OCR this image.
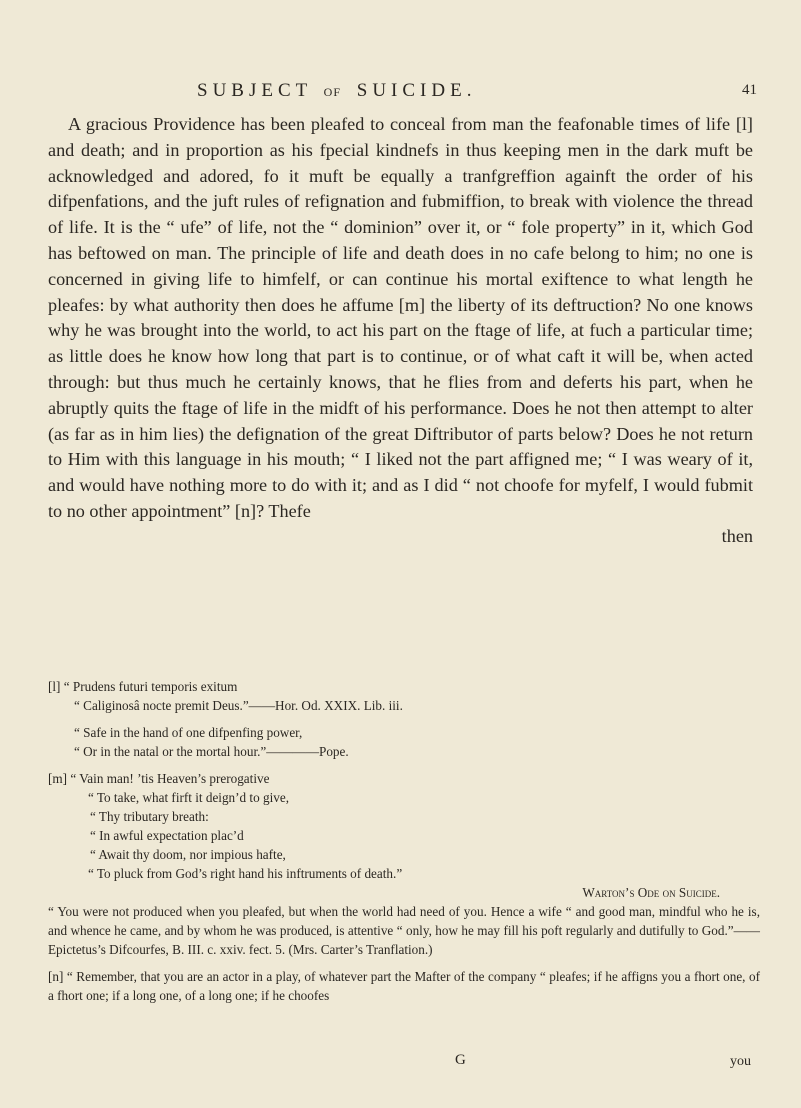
SUBJECT OF SUICIDE.	41

A gracious Providence has been pleafed to conceal from man the feafonable times of life [l] and death; and in proportion as his fpecial kindnefs in thus keeping men in the dark muft be acknowledged and adored, fo it muft be equally a tranfgreffion againft the order of his difpenfations, and the juft rules of refignation and fubmiffion, to break with violence the thread of life. It is the “ ufe” of life, not the “ dominion” over it, or “ fole property” in it, which God has beftowed on man. The principle of life and death does in no cafe belong to him; no one is concerned in giving life to himfelf, or can continue his mortal exiftence to what length he pleafes: by what authority then does he affume [m] the liberty of its deftruction? No one knows why he was brought into the world, to act his part on the ftage of life, at fuch a particular time; as little does he know how long that part is to continue, or of what caft it will be, when acted through: but thus much he certainly knows, that he flies from and deferts his part, when he abruptly quits the ftage of life in the midft of his performance. Does he not then attempt to alter (as far as in him lies) the defignation of the great Diftributor of parts below? Does he not return to Him with this language in his mouth; “ I liked not the part affigned me; “ I was weary of it, and would have nothing more to do with it; and as I did “ not choofe for myfelf, I would fubmit to no other appointment” [n]? Thefe

then
[l] “ Prudens futuri temporis exitum
“ Caliginosâ nocte premit Deus.”——Hor. Od. XXIX. Lib. iii.
“ Safe in the hand of one difpenfing power,
“ Or in the natal or the mortal hour.”————Pope.
[m] “ Vain man! ’tis Heaven’s prerogative
“ To take, what firft it deign’d to give,
“ Thy tributary breath:
“ In awful expectation plac’d
“ Await thy doom, nor impious hafte,
“ To pluck from God’s right hand his inftruments of death.”
Warton’s Ode on Suicide.
“ You were not produced when you pleafed, but when the world had need of you. Hence a wife “ and good man, mindful who he is, and whence he came, and by whom he was produced, is attentive “ only, how he may fill his poft regularly and dutifully to God.”——Epictetus’s Difcourfes, B. III. c. xxiv. fect. 5. (Mrs. Carter’s Tranflation.)
[n] “ Remember, that you are an actor in a play, of whatever part the Mafter of the company “ pleafes; if he affigns you a fhort one, of a fhort one; if a long one, of a long one; if he choofes
G	you
